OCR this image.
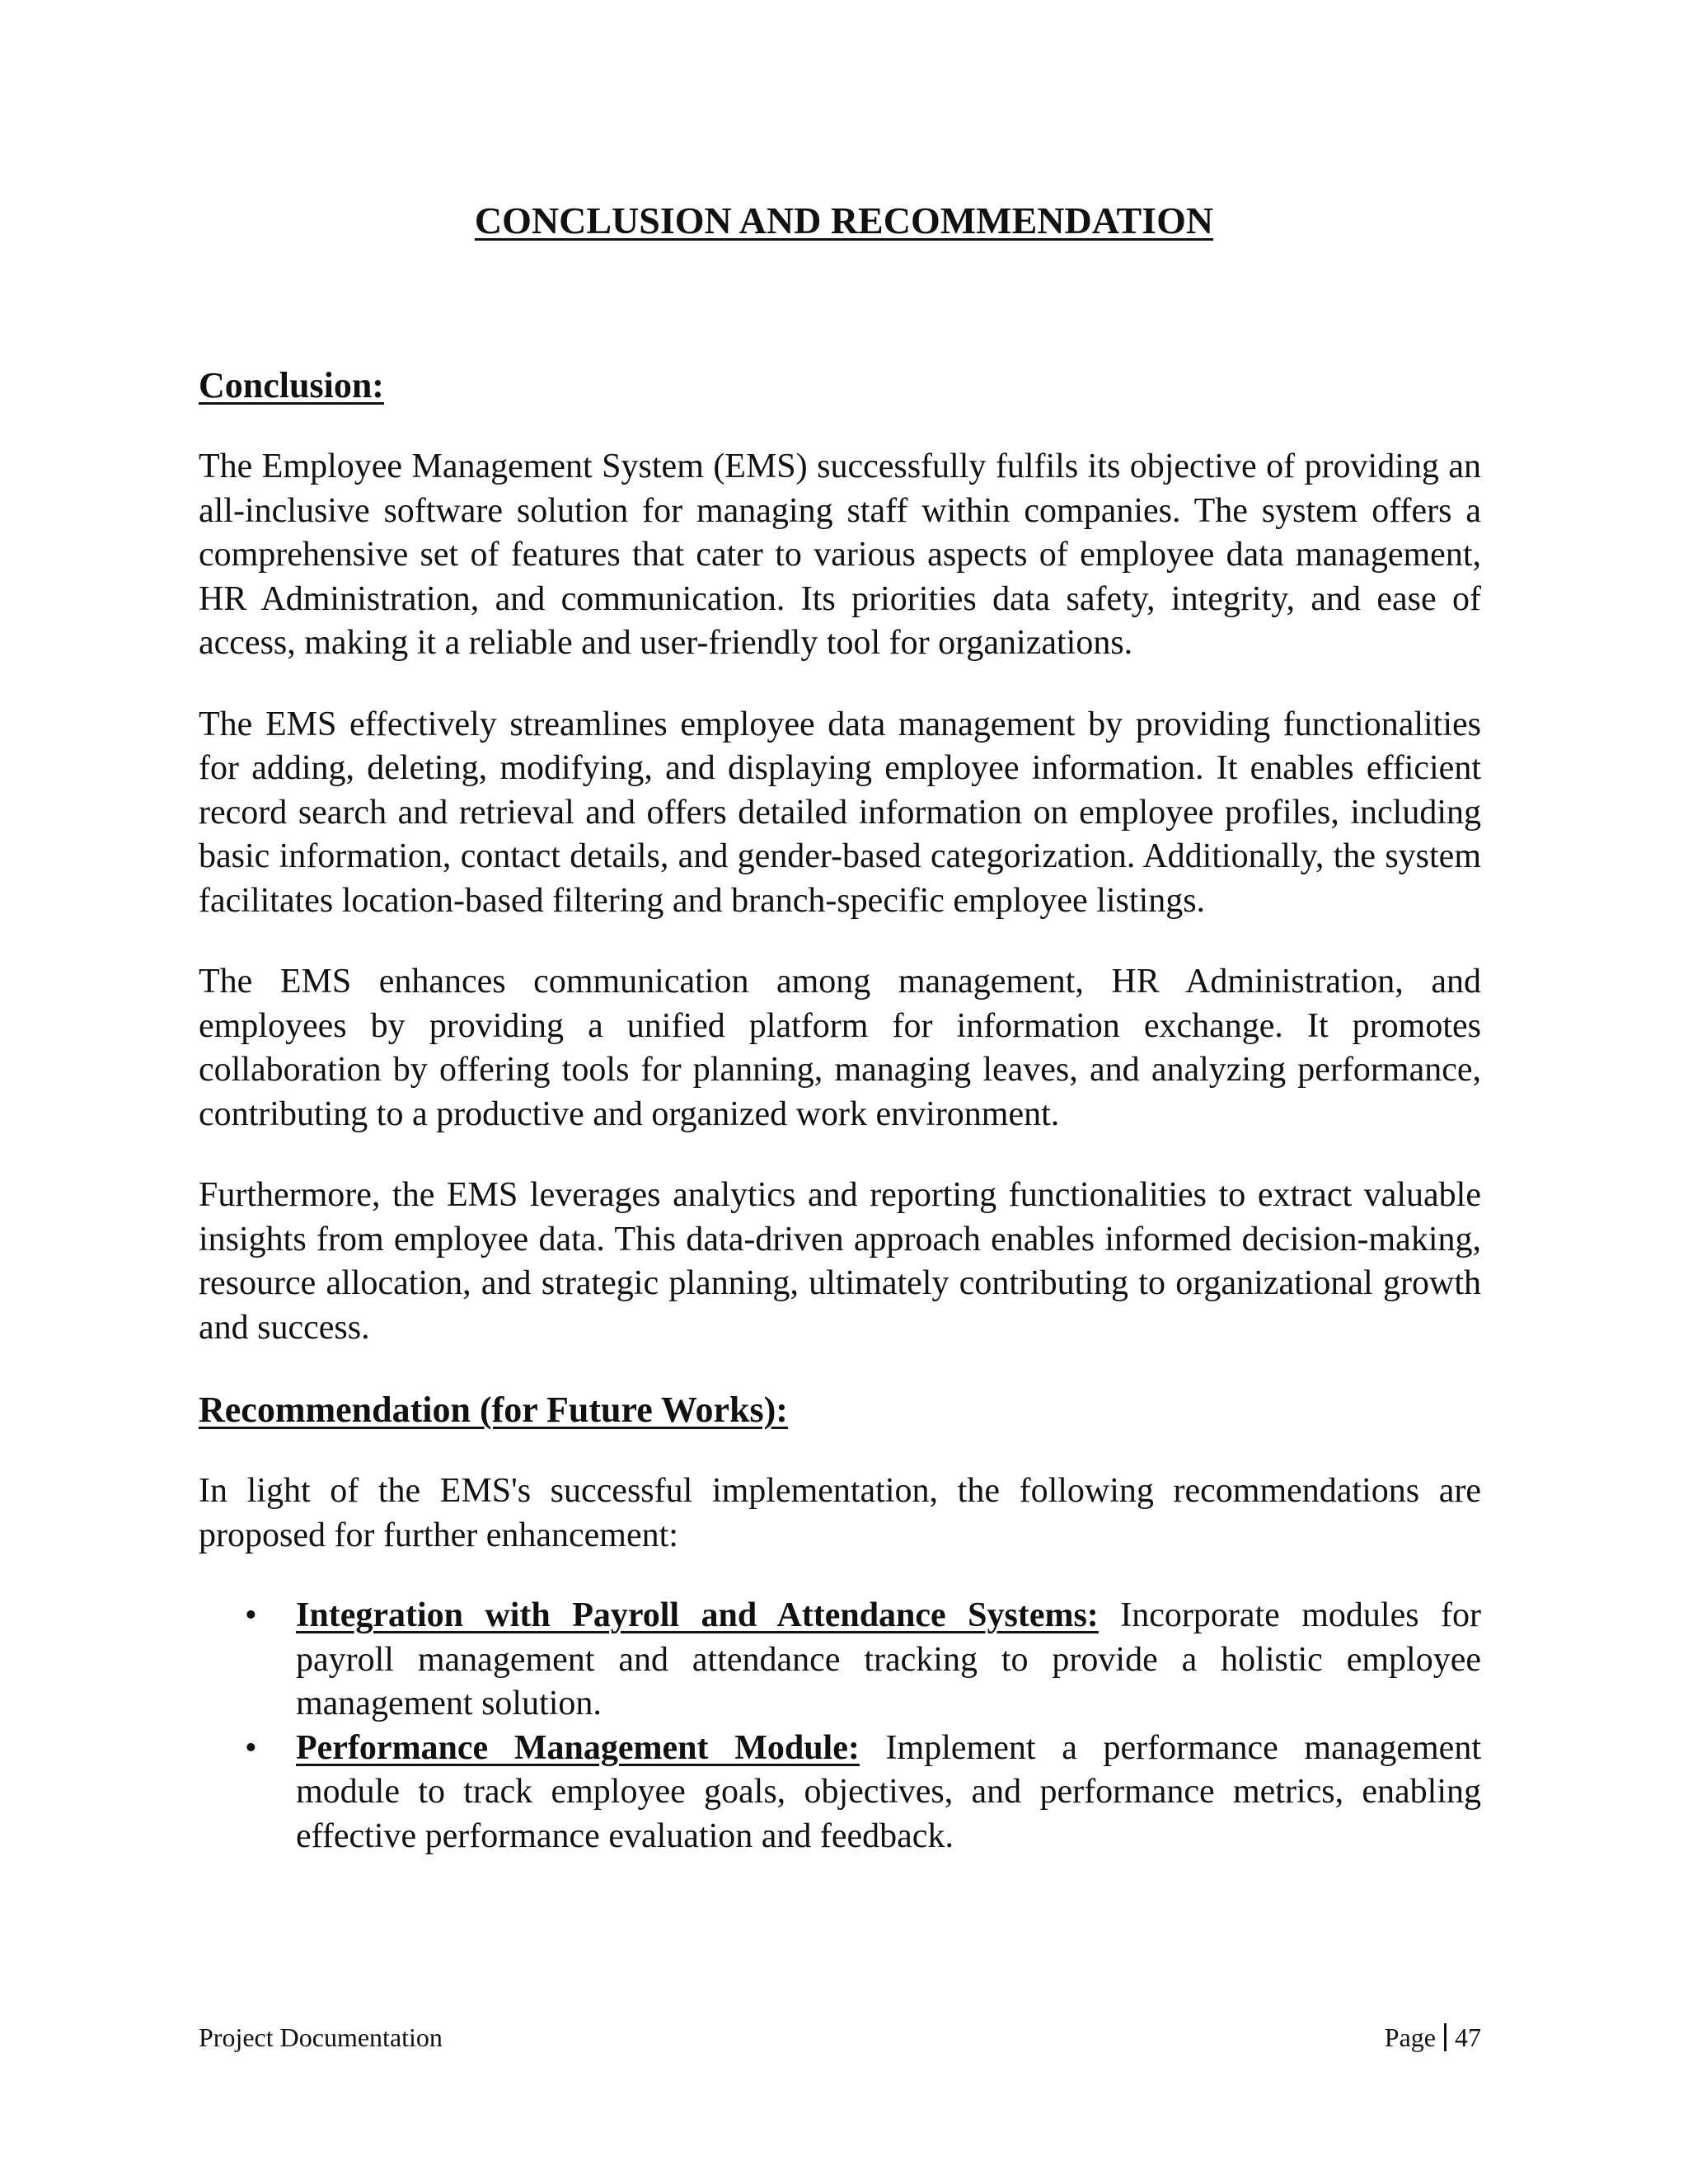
CONCLUSION AND RECOMMENDATION
Conclusion:

The Employee Management System (EMS) successfully fulfils its objective of providing an all-inclusive software solution for managing staff within companies. The system offers a comprehensive set of features that cater to various aspects of employee data management, HR Administration, and communication. Its priorities data safety, integrity, and ease of access, making it a reliable and user-friendly tool for organizations.

The EMS effectively streamlines employee data management by providing functionalities for adding, deleting, modifying, and displaying employee information. It enables efficient record search and retrieval and offers detailed information on employee profiles, including basic information, contact details, and gender-based categorization. Additionally, the system facilitates location-based filtering and branch-specific employee listings.

The EMS enhances communication among management, HR Administration, and employees by providing a unified platform for information exchange. It promotes collaboration by offering tools for planning, managing leaves, and analyzing performance, contributing to a productive and organized work environment.

Furthermore, the EMS leverages analytics and reporting functionalities to extract valuable insights from employee data. This data-driven approach enables informed decision-making, resource allocation, and strategic planning, ultimately contributing to organizational growth and success.

Recommendation (for Future Works):

In light of the EMS's successful implementation, the following recommendations are proposed for further enhancement:

• Integration with Payroll and Attendance Systems: Incorporate modules for payroll management and attendance tracking to provide a holistic employee management solution.
• Performance Management Module: Implement a performance management module to track employee goals, objectives, and performance metrics, enabling effective performance evaluation and feedback.
Project Documentation	Page 47
